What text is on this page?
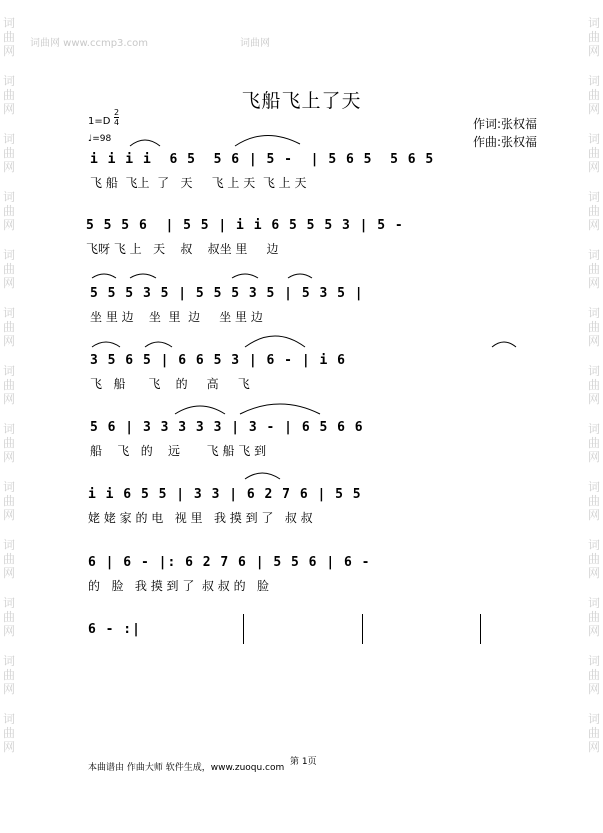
词曲网 www.ccmp3.com	词曲网
词
曲
网
词
曲
网
词
曲
网
词
曲
网
词
曲
网
词
曲
网
词
曲
网
词
曲
网
词
曲
网
词
曲
网
词
曲
网
词
曲
网
词
曲
网
词
曲
网
词
曲
网
词
曲
网
词
曲
网
词
曲
网
词
曲
网
词
曲
网
词
曲
网
词
曲
网
词
曲
网
词
曲
网
词
曲
网
词
曲
网
飞船飞上了天
作词:张权福
作曲:张权福
1=D
2
4
♩=98
i i i i  6 5  5 6 | 5 -  | 5 6 5  5 6 5
飞 船  飞上  了   天     飞 上 天  飞 上 天
5 5 5 6  | 5 5 | i i 6 5 5 5 3 | 5 -
飞呀 飞 上   天    叔    叔坐 里     边
5 5 5 3 5 | 5 5 5 3 5 | 5 3 5 |
坐 里 边    坐  里  边     坐 里 边
3 5 6 5 | 6 6 5 3 | 6 - | i 6
飞   船      飞    的     高     飞
5 6 | 3 3 3 3 3 | 3 - | 6 5 6 6
船    飞   的    远       飞 船 飞 到
i i 6 5 5 | 3 3 | 6 2 7 6 | 5 5
姥 姥 家 的 电   视 里   我 摸 到 了   叔 叔
6 | 6 - |: 6 2 7 6 | 5 5 6 | 6 -
的   脸   我 摸 到 了  叔 叔 的   脸
6 - :|
第 1页
本曲谱由 作曲大师 软件生成，www.zuoqu.com
